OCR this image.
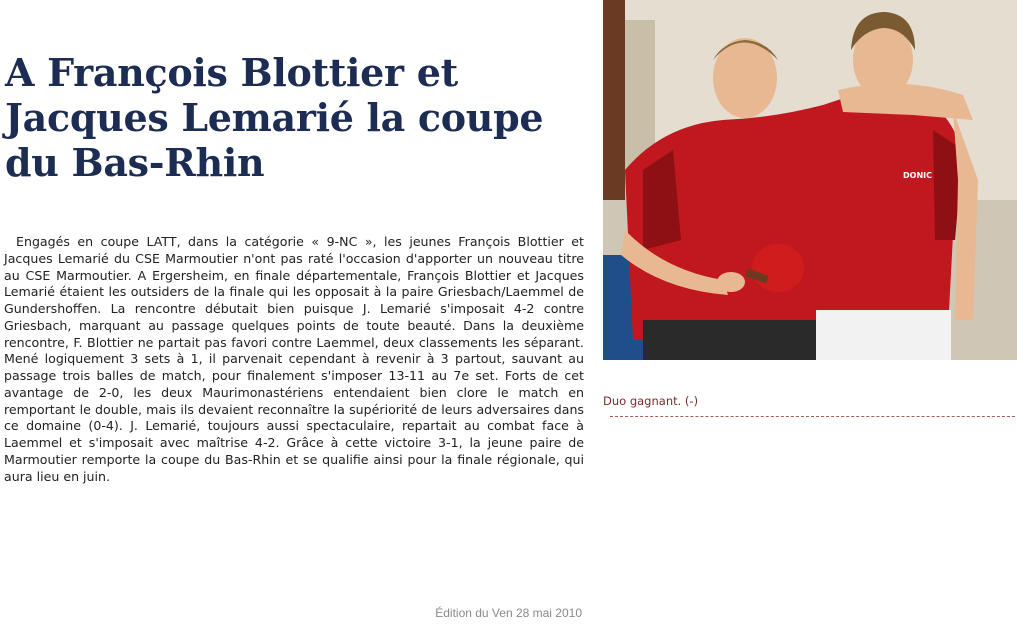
A François Blottier et Jacques Lemarié la coupe du Bas-Rhin

Engagés en coupe LATT, dans la catégorie « 9-NC », les jeunes François Blottier et Jacques Lemarié du CSE Marmoutier n'ont pas raté l'occasion d'apporter un nouveau titre au CSE Marmoutier. A Ergersheim, en finale départementale, François Blottier et Jacques Lemarié étaient les outsiders de la finale qui les opposait à la paire Griesbach/Laemmel de Gundershoffen. La rencontre débutait bien puisque J. Lemarié s'imposait 4-2 contre Griesbach, marquant au passage quelques points de toute beauté. Dans la deuxième rencontre, F. Blottier ne partait pas favori contre Laemmel, deux classements les séparant. Mené logiquement 3 sets à 1, il parvenait cependant à revenir à 3 partout, sauvant au passage trois balles de match, pour finalement s'imposer 13-11 au 7e set. Forts de cet avantage de 2-0, les deux Maurimonastériens entendaient bien clore le match en remportant le double, mais ils devaient reconnaître la supériorité de leurs adversaires dans ce domaine (0-4). J. Lemarié, toujours aussi spectaculaire, repartait au combat face à Laemmel et s'imposait avec maîtrise 4-2. Grâce à cette victoire 3-1, la jeune paire de Marmoutier remporte la coupe du Bas-Rhin et se qualifie ainsi pour la finale régionale, qui aura lieu en juin.

Édition du Ven 28 mai 2010
DONIC
Duo gagnant. (-)
